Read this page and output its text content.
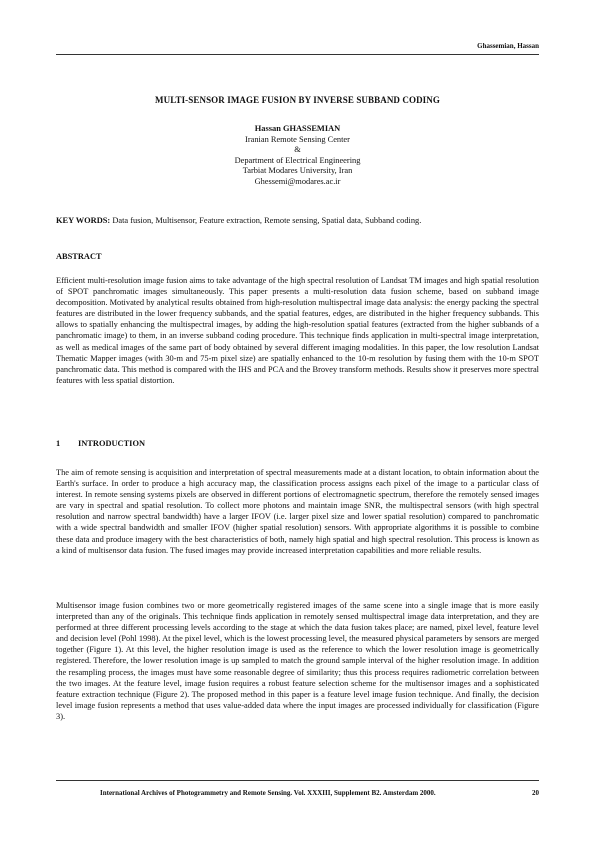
Ghassemian, Hassan
MULTI-SENSOR IMAGE FUSION BY INVERSE SUBBAND CODING
Hassan GHASSEMIAN
Iranian Remote Sensing Center
&
Department of Electrical Engineering
Tarbiat Modares University, Iran
Ghessemi@modares.ac.ir
KEY WORDS: Data fusion, Multisensor, Feature extraction, Remote sensing, Spatial data, Subband coding.
ABSTRACT

Efficient multi-resolution image fusion aims to take advantage of the high spectral resolution of Landsat TM images and high spatial resolution of SPOT panchromatic images simultaneously. This paper presents a multi-resolution data fusion scheme, based on subband image decomposition. Motivated by analytical results obtained from high-resolution multispectral image data analysis: the energy packing the spectral features are distributed in the lower frequency subbands, and the spatial features, edges, are distributed in the higher frequency subbands. This allows to spatially enhancing the multispectral images, by adding the high-resolution spatial features (extracted from the higher subbands of a panchromatic image) to them, in an inverse subband coding procedure. This technique finds application in multi-spectral image interpretation, as well as medical images of the same part of body obtained by several different imaging modalities. In this paper, the low resolution Landsat Thematic Mapper images (with 30-m and 75-m pixel size) are spatially enhanced to the 10-m resolution by fusing them with the 10-m SPOT panchromatic data. This method is compared with the IHS and PCA and the Brovey transform methods. Results show it preserves more spectral features with less spatial distortion.

1 INTRODUCTION

The aim of remote sensing is acquisition and interpretation of spectral measurements made at a distant location, to obtain information about the Earth's surface. In order to produce a high accuracy map, the classification process assigns each pixel of the image to a particular class of interest. In remote sensing systems pixels are observed in different portions of electromagnetic spectrum, therefore the remotely sensed images are vary in spectral and spatial resolution. To collect more photons and maintain image SNR, the multispectral sensors (with high spectral resolution and narrow spectral bandwidth) have a larger IFOV (i.e. larger pixel size and lower spatial resolution) compared to panchromatic with a wide spectral bandwidth and smaller IFOV (higher spatial resolution) sensors. With appropriate algorithms it is possible to combine these data and produce imagery with the best characteristics of both, namely high spatial and high spectral resolution. This process is known as a kind of multisensor data fusion. The fused images may provide increased interpretation capabilities and more reliable results.

Multisensor image fusion combines two or more geometrically registered images of the same scene into a single image that is more easily interpreted than any of the originals. This technique finds application in remotely sensed multispectral image data interpretation, and they are performed at three different processing levels according to the stage at which the data fusion takes place; are named, pixel level, feature level and decision level (Pohl 1998). At the pixel level, which is the lowest processing level, the measured physical parameters by sensors are merged together (Figure 1). At this level, the higher resolution image is used as the reference to which the lower resolution image is geometrically registered. Therefore, the lower resolution image is up sampled to match the ground sample interval of the higher resolution image. In addition the resampling process, the images must have some reasonable degree of similarity; thus this process requires radiometric correlation between the two images. At the feature level, image fusion requires a robust feature selection scheme for the multisensor images and a sophisticated feature extraction technique (Figure 2). The proposed method in this paper is a feature level image fusion technique. And finally, the decision level image fusion represents a method that uses value-added data where the input images are processed individually for classification (Figure 3).

International Archives of Photogrammetry and Remote Sensing. Vol. XXXIII, Supplement B2. Amsterdam 2000.	20
